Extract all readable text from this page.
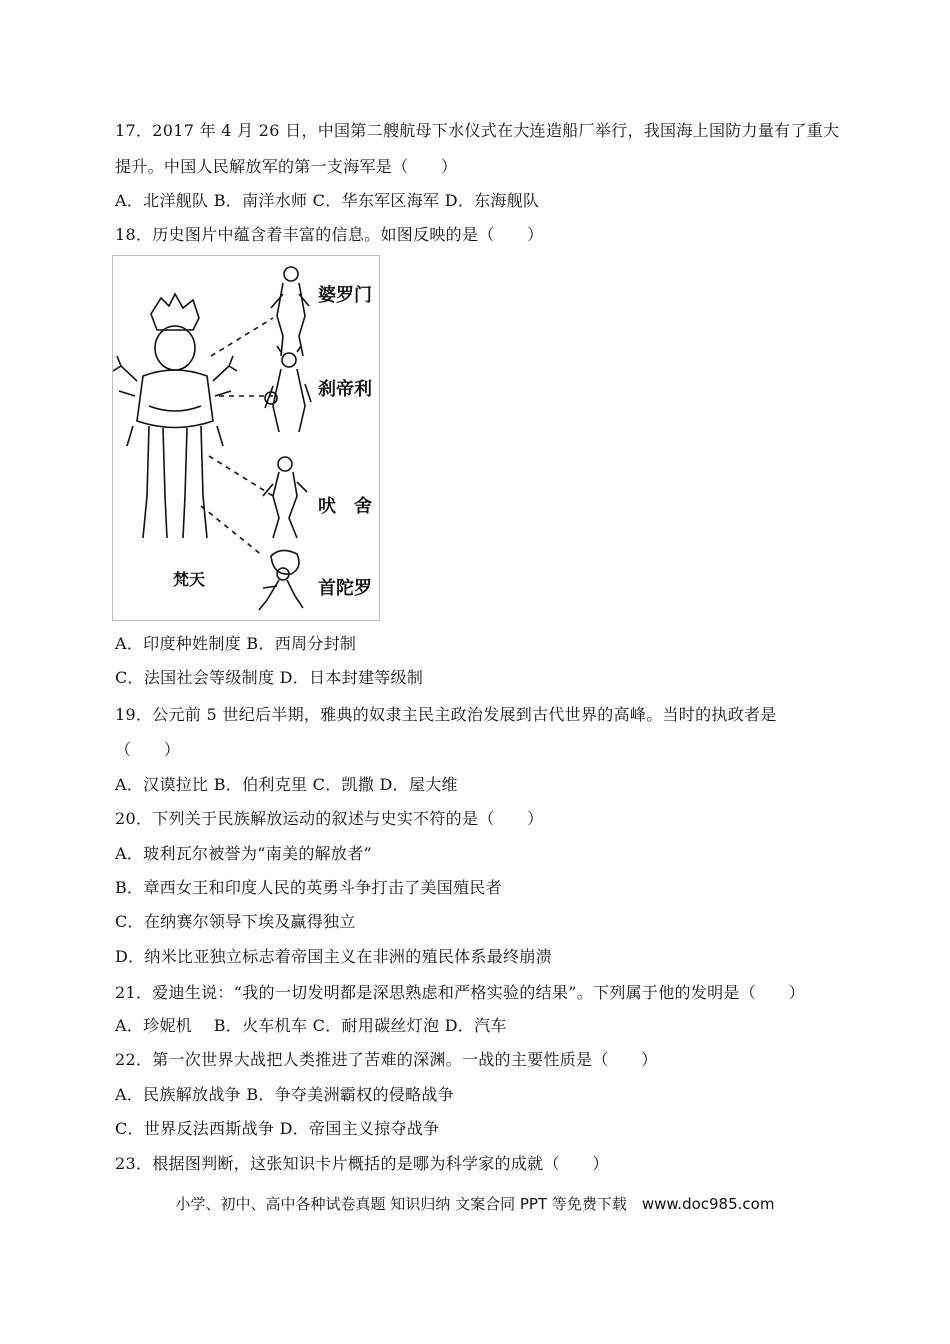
17．2017 年 4 月 26 日，中国第二艘航母下水仪式在大连造船厂举行，我国海上国防力量有了重大
提升。中国人民解放军的第一支海军是（　　）
A．北洋舰队 B．南洋水师 C．华东军区海军 D．东海舰队
18．历史图片中蕴含着丰富的信息。如图反映的是（　　）
婆罗门
刹帝利
吠　舍
首陀罗
梵天
A．印度种姓制度 B．西周分封制
C．法国社会等级制度 D．日本封建等级制
19．公元前 5 世纪后半期，雅典的奴隶主民主政治发展到古代世界的高峰。当时的执政者是
（　　）
A．汉谟拉比 B．伯利克里 C．凯撒 D．屋大维
20．下列关于民族解放运动的叙述与史实不符的是（　　）
A．玻利瓦尔被誉为“南美的解放者”
B．章西女王和印度人民的英勇斗争打击了美国殖民者
C．在纳赛尔领导下埃及赢得独立
D．纳米比亚独立标志着帝国主义在非洲的殖民体系最终崩溃
21．爱迪生说：“我的一切发明都是深思熟虑和严格实验的结果”。下列属于他的发明是（　　）
A．珍妮机　 B．火车机车 C．耐用碳丝灯泡 D．汽车
22．第一次世界大战把人类推进了苦难的深渊。一战的主要性质是（　　）
A．民族解放战争 B．争夺美洲霸权的侵略战争
C．世界反法西斯战争 D．帝国主义掠夺战争
23．根据图判断，这张知识卡片概括的是哪为科学家的成就（　　）
小学、初中、高中各种试卷真题 知识归纳 文案合同 PPT 等免费下载　www.doc985.com
